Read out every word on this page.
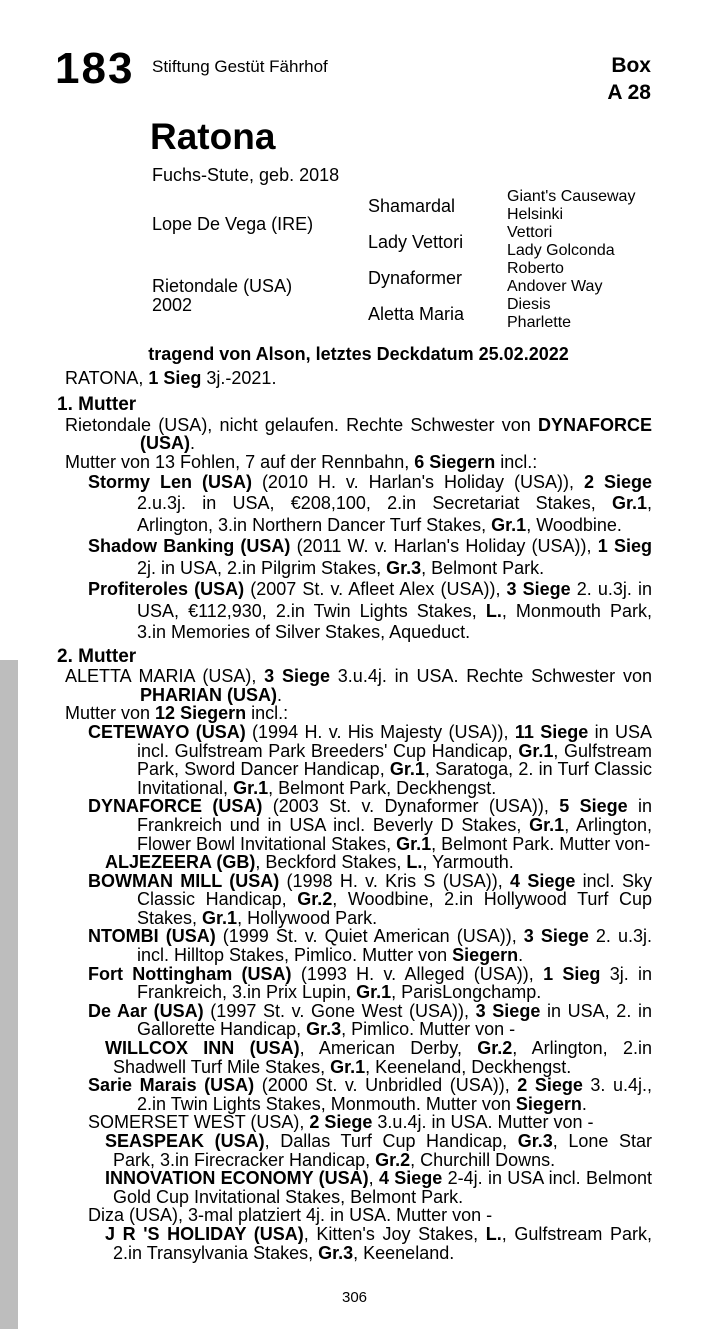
183 Stiftung Gestüt Fährhof	Box
A 28
Ratona
Fuchs-Stute, geb. 2018
Lope De Vega (IRE)
Rietondale (USA)
2002
Shamardal
Lady Vettori
Dynaformer
Aletta Maria
Giant's Causeway
Helsinki
Vettori
Lady Golconda
Roberto
Andover Way
Diesis
Pharlette
tragend von Alson, letztes Deckdatum 25.02.2022
RATONA, 1 Sieg 3j.-2021.
1. Mutter
Rietondale (USA), nicht gelaufen. Rechte Schwester von DYNAFORCE (USA).
Mutter von 13 Fohlen, 7 auf der Rennbahn, 6 Siegern incl.:
Stormy Len (USA) (2010 H. v. Harlan's Holiday (USA)), 2 Siege 2.u.3j. in USA, €208,100, 2.in Secretariat Stakes, Gr.1, Arlington, 3.in Northern Dancer Turf Stakes, Gr.1, Woodbine.
Shadow Banking (USA) (2011 W. v. Harlan's Holiday (USA)), 1 Sieg 2j. in USA, 2.in Pilgrim Stakes, Gr.3, Belmont Park.
Profiteroles (USA) (2007 St. v. Afleet Alex (USA)), 3 Siege 2. u.3j. in USA, €112,930, 2.in Twin Lights Stakes, L., Monmouth Park, 3.in Memories of Silver Stakes, Aqueduct.
2. Mutter
ALETTA MARIA (USA), 3 Siege 3.u.4j. in USA. Rechte Schwester von PHARIAN (USA).
Mutter von 12 Siegern incl.:
CETEWAYO (USA) (1994 H. v. His Majesty (USA)), 11 Siege in USA incl. Gulfstream Park Breeders' Cup Handicap, Gr.1, Gulfstream Park, Sword Dancer Handicap, Gr.1, Saratoga, 2. in Turf Classic Invitational, Gr.1, Belmont Park, Deckhengst.
DYNAFORCE (USA) (2003 St. v. Dynaformer (USA)), 5 Siege in Frankreich und in USA incl. Beverly D Stakes, Gr.1, Arlington, Flower Bowl Invitational Stakes, Gr.1, Belmont Park. Mutter von-
ALJEZEERA (GB), Beckford Stakes, L., Yarmouth.
BOWMAN MILL (USA) (1998 H. v. Kris S (USA)), 4 Siege incl. Sky Classic Handicap, Gr.2, Woodbine, 2.in Hollywood Turf Cup Stakes, Gr.1, Hollywood Park.
NTOMBI (USA) (1999 St. v. Quiet American (USA)), 3 Siege 2. u.3j. incl. Hilltop Stakes, Pimlico. Mutter von Siegern.
Fort Nottingham (USA) (1993 H. v. Alleged (USA)), 1 Sieg 3j. in Frankreich, 3.in Prix Lupin, Gr.1, ParisLongchamp.
De Aar (USA) (1997 St. v. Gone West (USA)), 3 Siege in USA, 2. in Gallorette Handicap, Gr.3, Pimlico. Mutter von -
WILLCOX INN (USA), American Derby, Gr.2, Arlington, 2.in Shadwell Turf Mile Stakes, Gr.1, Keeneland, Deckhengst.
Sarie Marais (USA) (2000 St. v. Unbridled (USA)), 2 Siege 3. u.4j., 2.in Twin Lights Stakes, Monmouth. Mutter von Siegern.
SOMERSET WEST (USA), 2 Siege 3.u.4j. in USA. Mutter von -
SEASPEAK (USA), Dallas Turf Cup Handicap, Gr.3, Lone Star Park, 3.in Firecracker Handicap, Gr.2, Churchill Downs.
INNOVATION ECONOMY (USA), 4 Siege 2-4j. in USA incl. Belmont Gold Cup Invitational Stakes, Belmont Park.
Diza (USA), 3-mal platziert 4j. in USA. Mutter von -
J R 'S HOLIDAY (USA), Kitten's Joy Stakes, L., Gulfstream Park, 2.in Transylvania Stakes, Gr.3, Keeneland.
306
